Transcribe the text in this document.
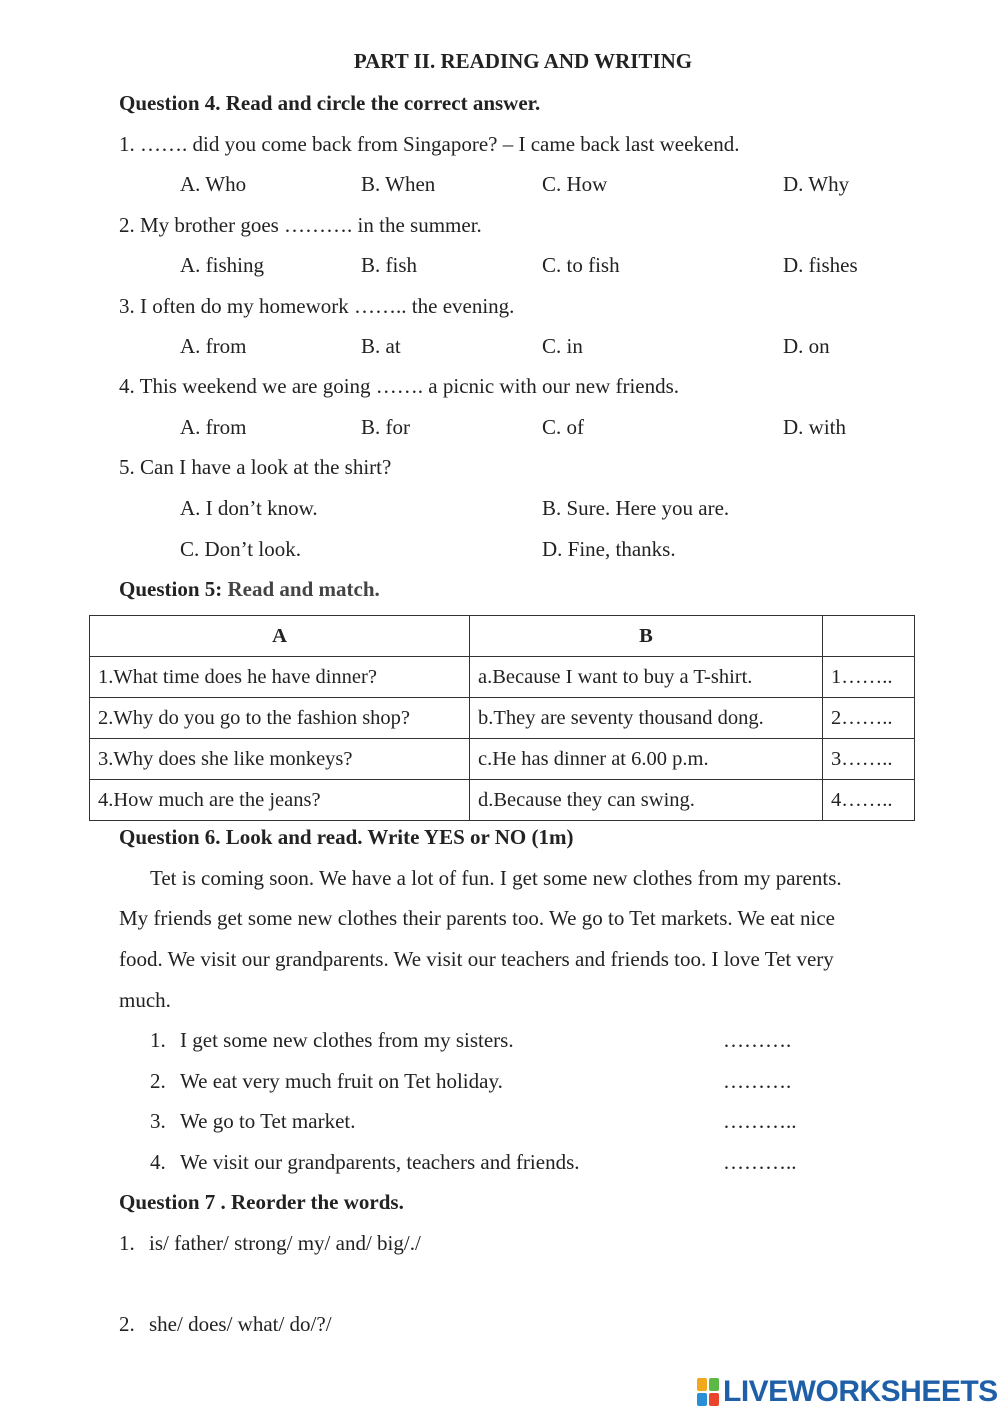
PART II. READING AND WRITING
Question 4. Read and circle the correct answer.
1. ……. did you come back from Singapore? – I came back last weekend.
A. Who	B. When	C. How	D. Why
2. My brother goes ………. in the summer.
A. fishing	B. fish	C. to fish	D. fishes
3. I often do my homework …….. the evening.
A. from	B. at	C. in	D. on
4. This weekend we are going ……. a picnic with our new friends.
A. from	B. for	C. of	D. with
5. Can I have a look at the shirt?
A. I don’t know.	B. Sure. Here you are.
C. Don’t look.	D. Fine, thanks.
Question 5: Read and match.
A	B	
1.What time does he have dinner?	a.Because I want to buy a T-shirt.	1……..
2.Why do you go to the fashion shop?	b.They are seventy thousand dong.	2……..
3.Why does she like monkeys?	c.He has dinner at 6.00 p.m.	3……..
4.How much are the jeans?	d.Because they can swing.	4……..
Question 6. Look and read. Write YES or NO (1m)
Tet is coming soon. We have a lot of fun. I get some new clothes from my parents.
My friends get some new clothes their parents too. We go to Tet markets. We eat nice
food. We visit our grandparents. We visit our teachers and friends too. I love Tet very
much.
1. I get some new clothes from my sisters.	……….
2. We eat very much fruit on Tet holiday.	……….
3. We go to Tet market.	………..
4. We visit our grandparents, teachers and friends.	………..
Question 7 . Reorder the words.
1. is/ father/ strong/ my/ and/ big/./
2. she/ does/ what/ do/?/
LIVEWORKSHEETS
